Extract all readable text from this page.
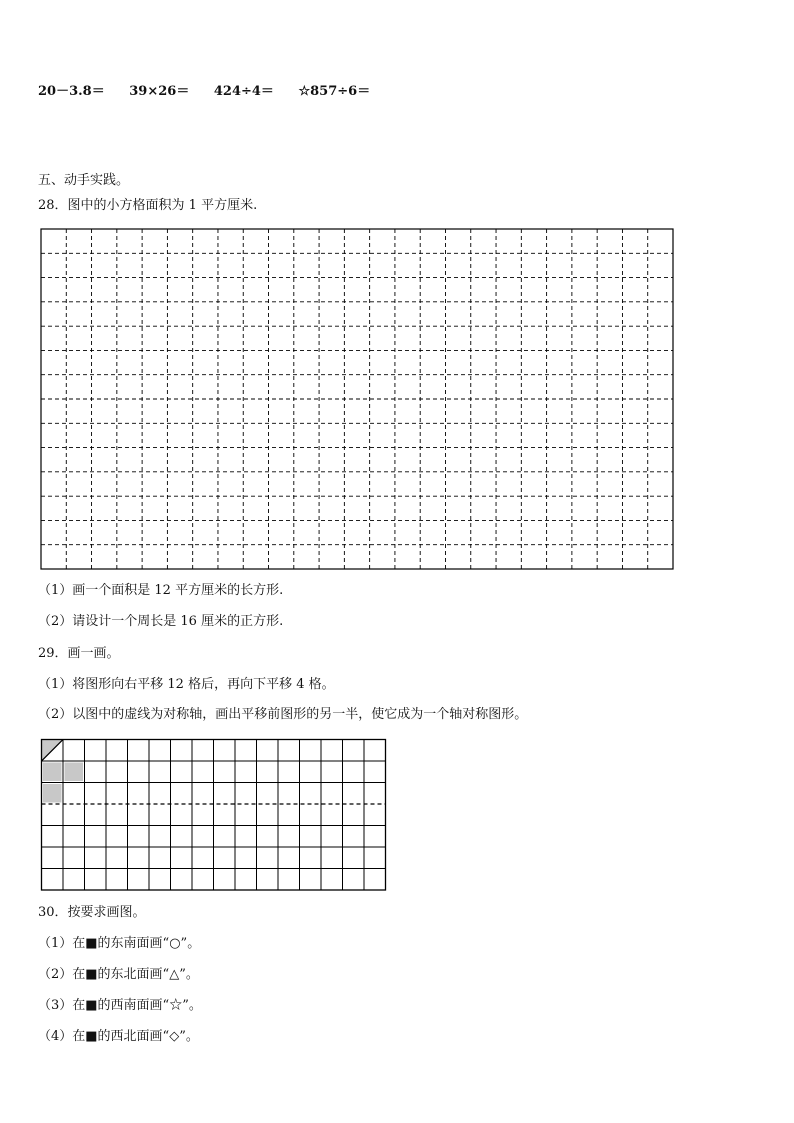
20－3.8＝ 39×26＝ 424÷4＝ ☆857÷6＝
五、动手实践。
28．图中的小方格面积为 1 平方厘米.
（1）画一个面积是 12 平方厘米的长方形.
（2）请设计一个周长是 16 厘米的正方形.
29．画一画。
（1）将图形向右平移 12 格后，再向下平移 4 格。
（2）以图中的虚线为对称轴，画出平移前图形的另一半，使它成为一个轴对称图形。
30．按要求画图。
（1）在■的东南面画“○”。
（2）在■的东北面画“△”。
（3）在■的西南面画“☆”。
（4）在■的西北面画“◇”。
